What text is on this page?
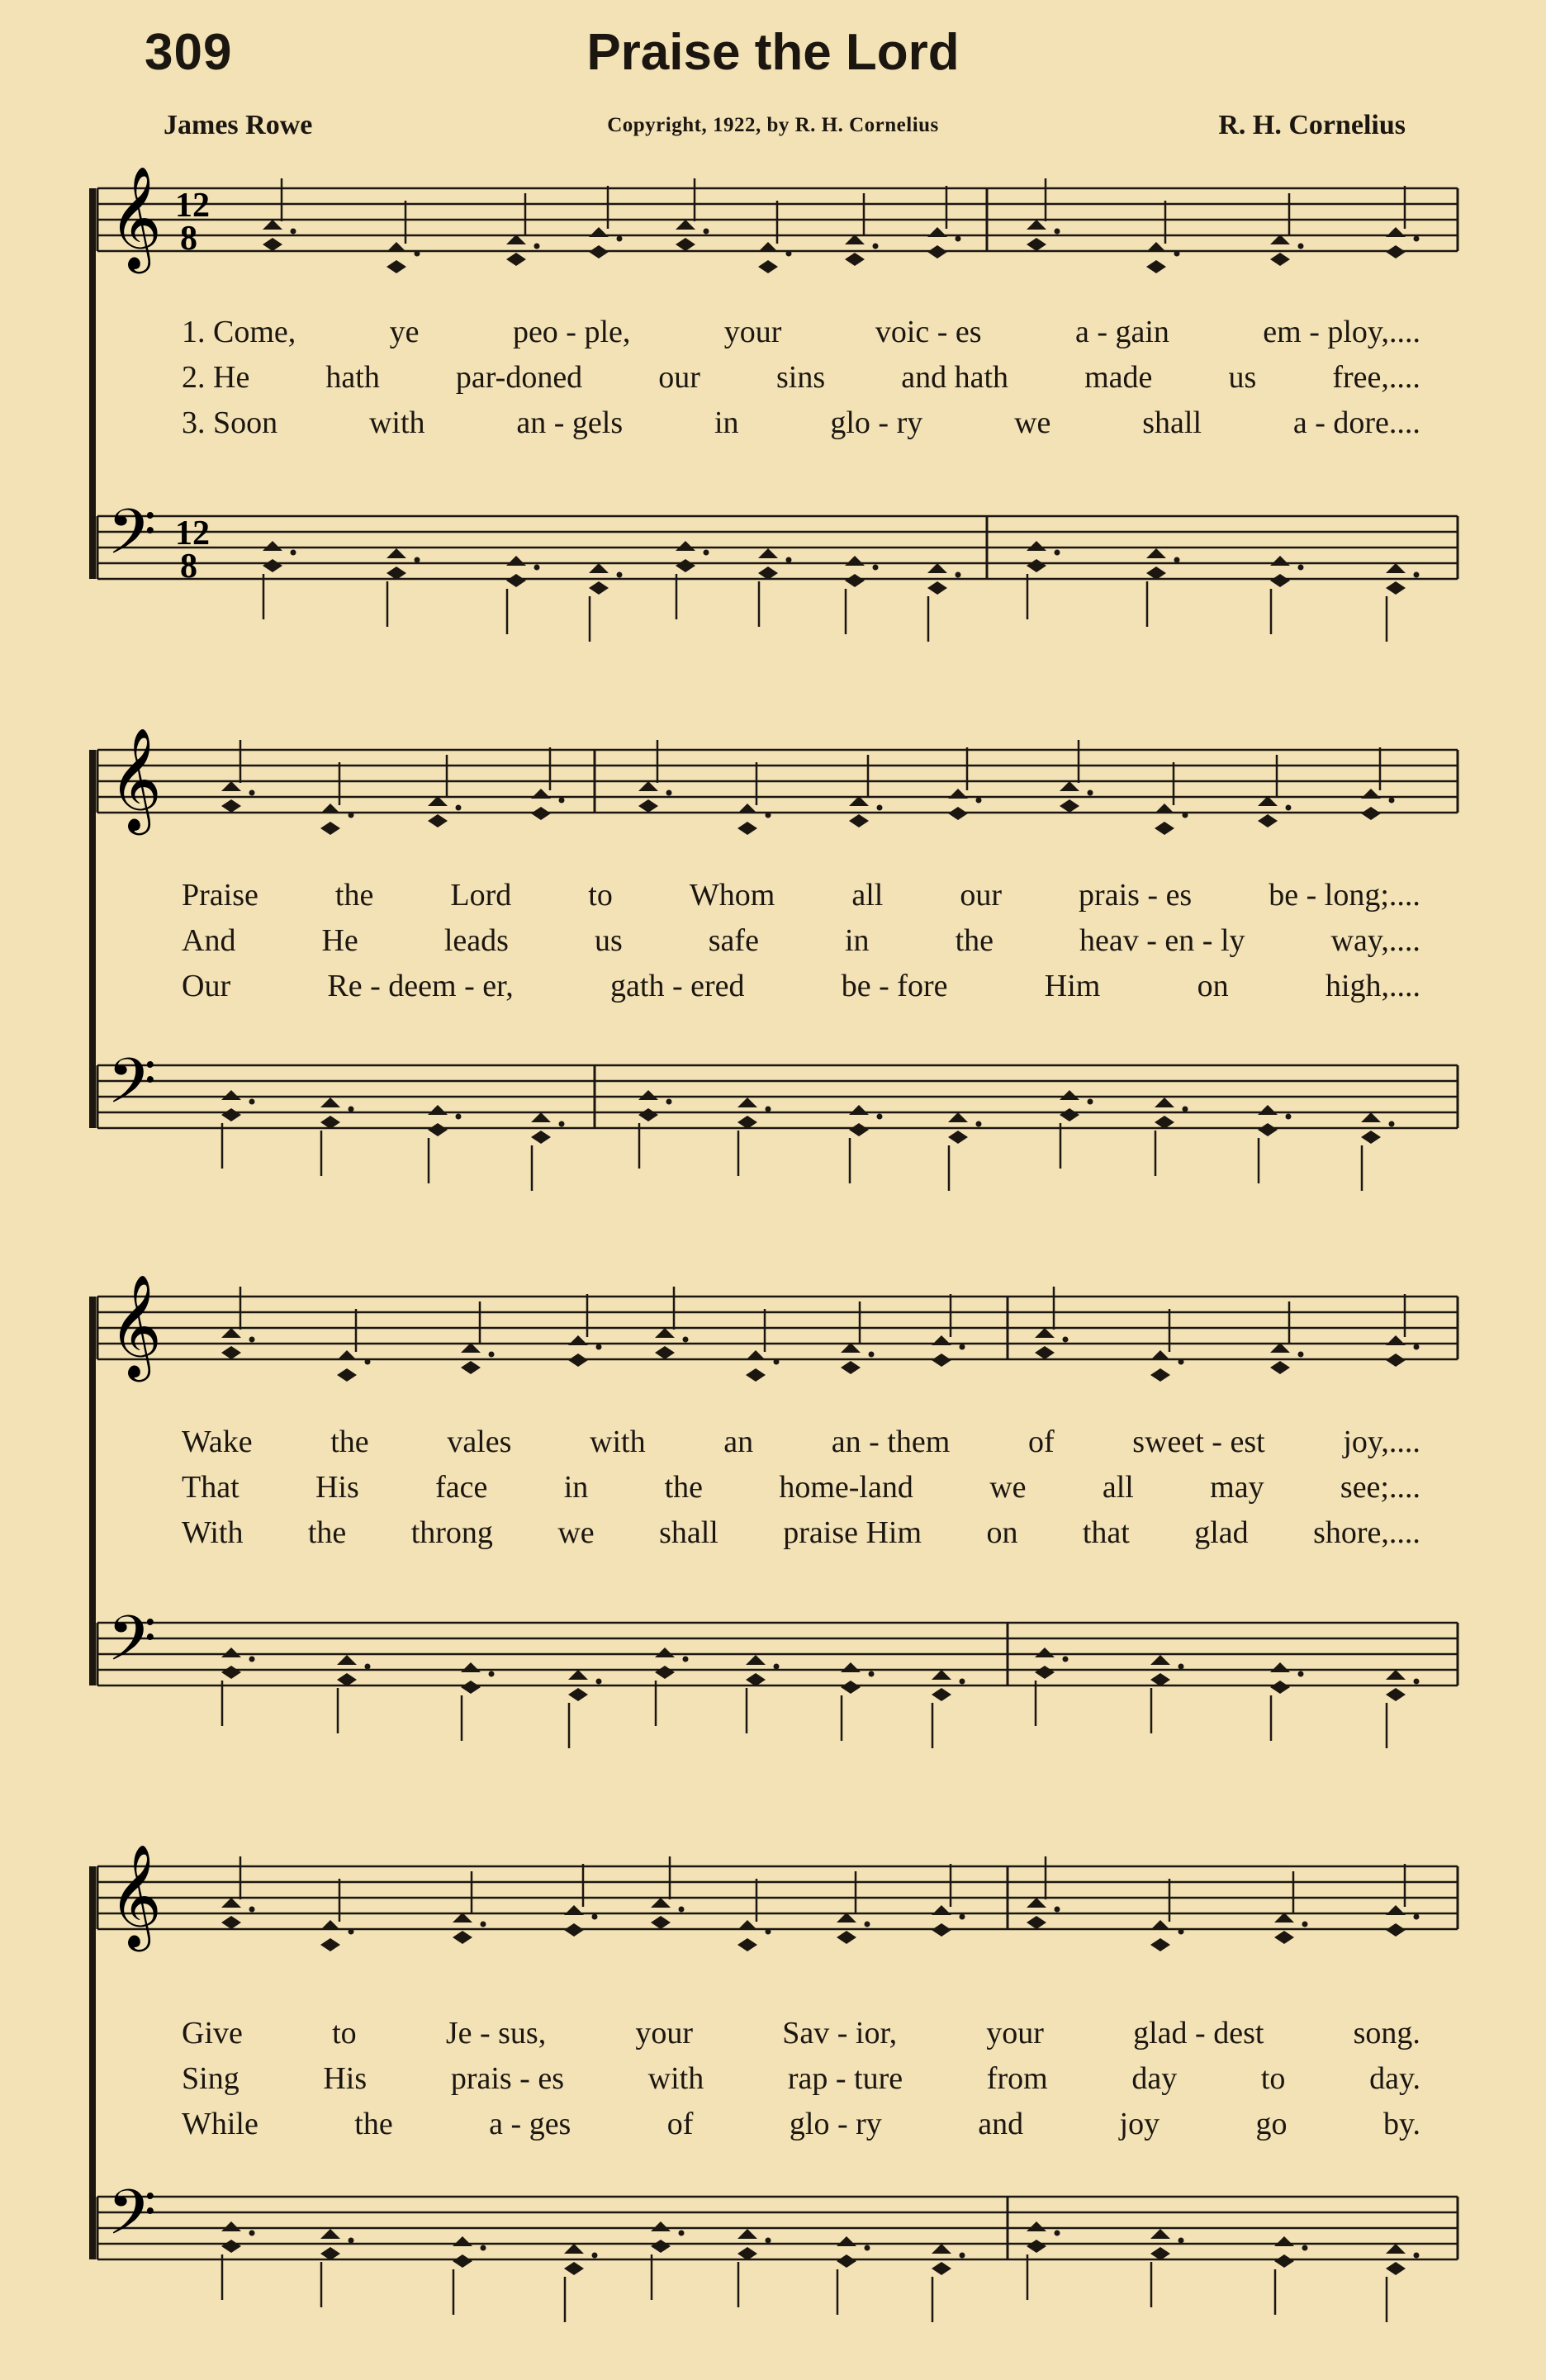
309	Praise the Lord
James Rowe	Copyright, 1922, by R. H. Cornelius	R. H. Cornelius
𝄞 12
8
𝄢 12
8
𝄞
𝄢
𝄞
𝄢
𝄞
𝄢
1. Come,	ye	peo - ple,	your	voic - es	a - gain	em - ploy,....
2. He hath par-doned our sins and hath made us free,....
3. Soon	with	an - gels	in	glo - ry	we	shall	a - dore....
Praise the Lord to Whom all our prais - es be - long;....
And	He	leads	us	safe	in	the	heav - en - ly	way,....
Our	Re - deem - er,	gath - ered	be - fore	Him	on	high,....
Wake the vales with an an - them of sweet - est joy,....
That His face in the home-land we all may see;....
With the throng we shall praise Him on that glad shore,....
Give	to	Je - sus,	your	Sav - ior,	your	glad - dest	song.
Sing	His	prais - es	with	rap - ture	from	day	to	day.
While	the	a - ges	of	glo - ry	and	joy	go	by.
